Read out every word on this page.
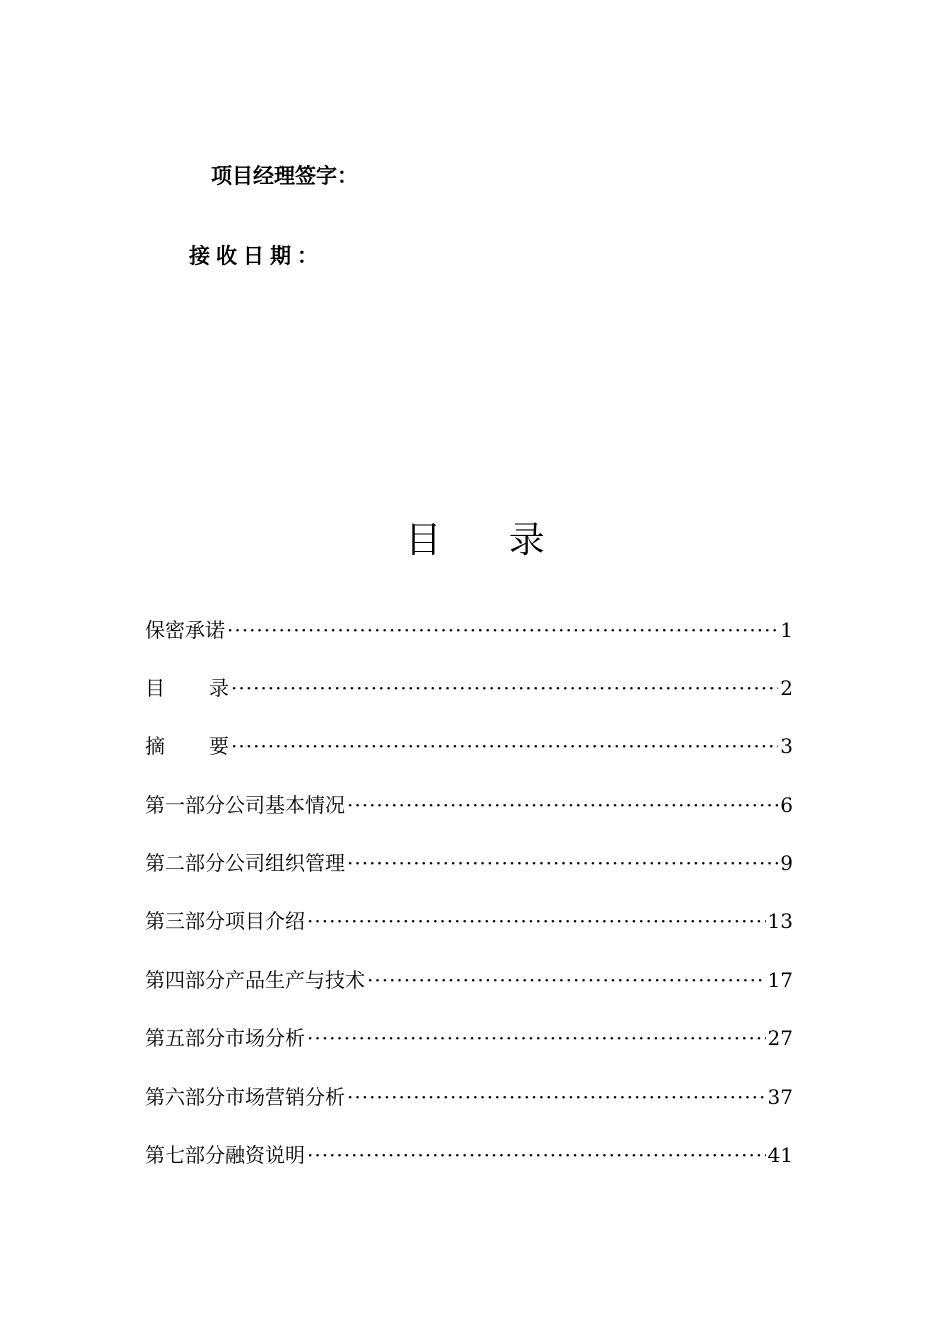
项目经理签字：
接收日期：
目 录
保密承诺 ·····	1
目录 ·····	2
摘要 ·····	3
第一部分 公司基本情况 ·····	6
第二部分 公司组织管理 ·····	9
第三部分 项目介绍 ·····	13
第四部分 产品生产与技术 ·····	17
第五部分 市场分析 ·····	27
第六部分 市场营销分析 ·····	37
第七部分 融资说明 ·····	41
